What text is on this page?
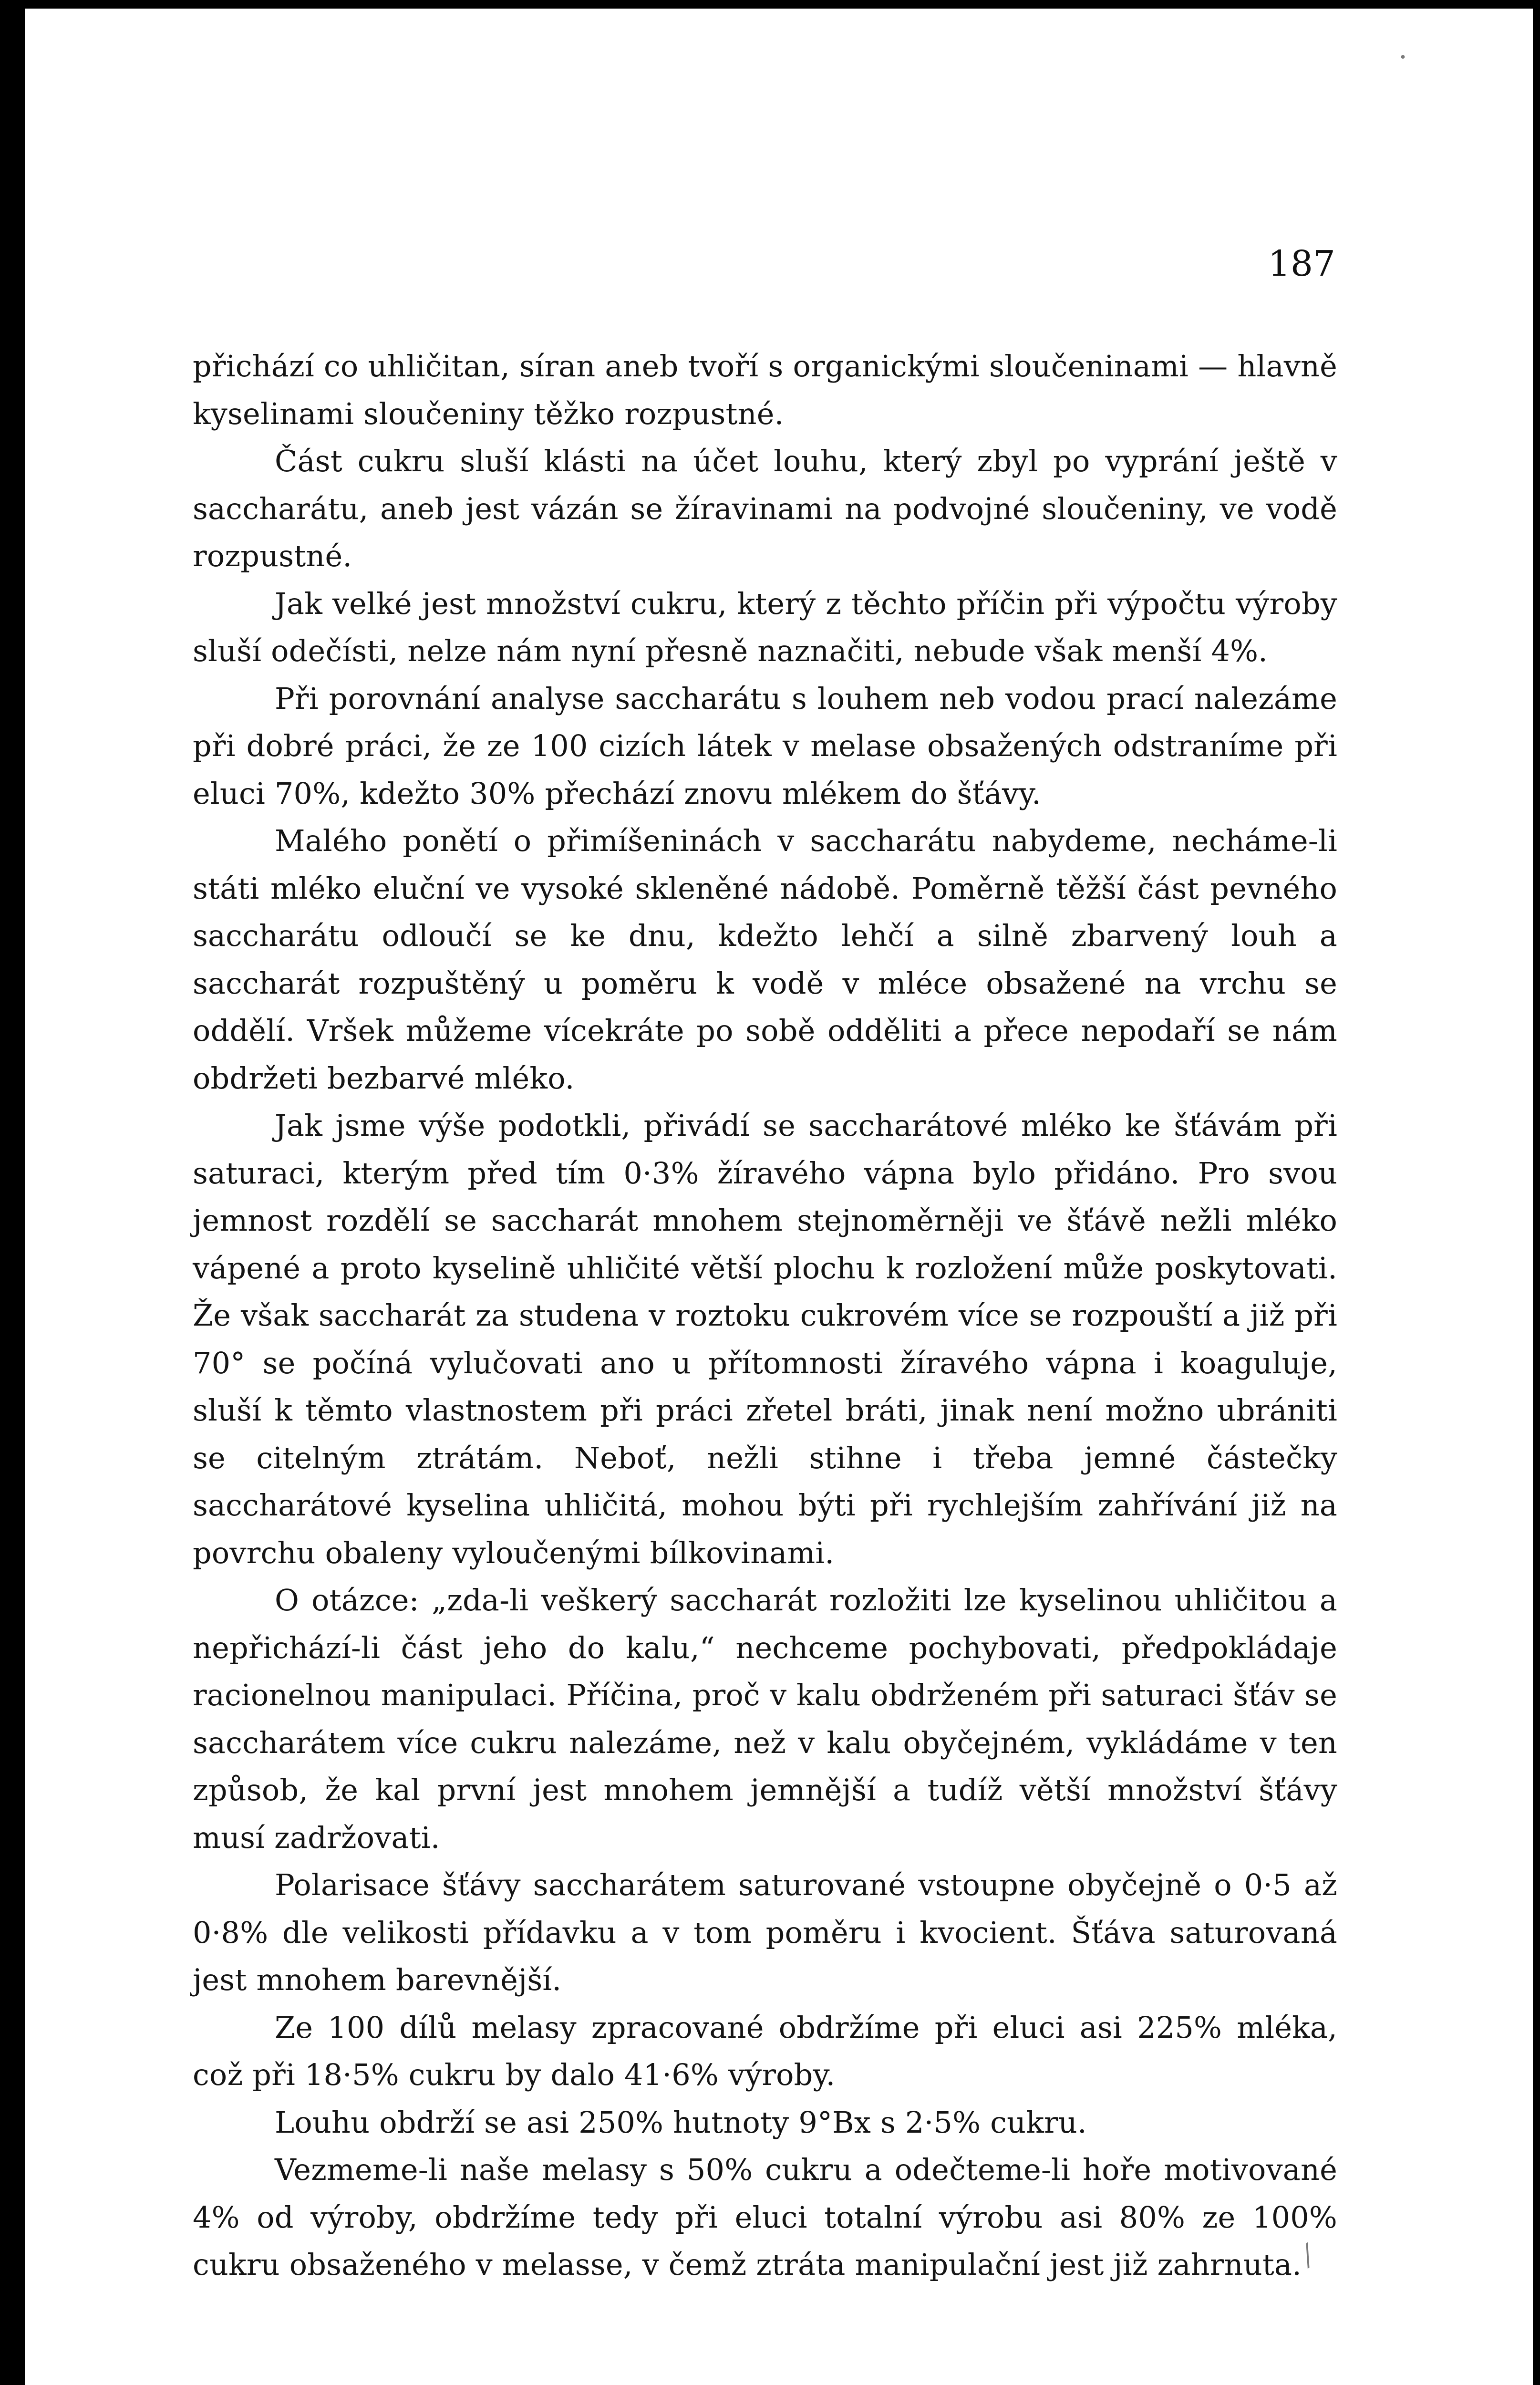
187

přichází co uhličitan, síran aneb tvoří s organickými sloučeninami — hlavně kyselinami sloučeniny těžko rozpustné.

Část cukru sluší klásti na účet louhu, který zbyl po vyprání ještě v saccharátu, aneb jest vázán se žíravinami na podvojné sloučeniny, ve vodě rozpustné.

Jak velké jest množství cukru, který z těchto příčin při výpočtu výroby sluší odečísti, nelze nám nyní přesně naznačiti, nebude však menší 4%.

Při porovnání analyse saccharátu s louhem neb vodou prací nalezáme při dobré práci, že ze 100 cizích látek v melase obsažených odstraníme při eluci 70%, kdežto 30% přechází znovu mlékem do šťávy.

Malého ponětí o přimíšeninách v saccharátu nabydeme, necháme-li státi mléko eluční ve vysoké skleněné nádobě. Poměrně těžší část pevného saccharátu odloučí se ke dnu, kdežto lehčí a silně zbarvený louh a saccharát rozpuštěný u poměru k vodě v mléce obsažené na vrchu se oddělí. Vršek můžeme vícekráte po sobě odděliti a přece nepodaří se nám obdržeti bezbarvé mléko.

Jak jsme výše podotkli, přivádí se saccharátové mléko ke šťávám při saturaci, kterým před tím 0·3% žíravého vápna bylo přidáno. Pro svou jemnost rozdělí se saccharát mnohem stejnoměrněji ve šťávě nežli mléko vápené a proto kyselině uhličité větší plochu k rozložení může poskytovati. Že však saccharát za studena v roztoku cukrovém více se rozpouští a již při 70° se počíná vylučovati ano u přítomnosti žíravého vápna i koaguluje, sluší k těmto vlastnostem při práci zřetel bráti, jinak není možno ubrániti se citelným ztrátám. Neboť, nežli stihne i třeba jemné částečky saccharátové kyselina uhličitá, mohou býti při rychlejším zahřívání již na povrchu obaleny vyloučenými bílkovinami.

O otázce: „zda-li veškerý saccharát rozložiti lze kyselinou uhličitou a nepřichází-li část jeho do kalu,“ nechceme pochybovati, předpokládaje racionelnou manipulaci. Příčina, proč v kalu obdrženém při saturaci šťáv se saccharátem více cukru nalezáme, než v kalu obyčejném, vykládáme v ten způsob, že kal první jest mnohem jemnější a tudíž větší množství šťávy musí zadržovati.

Polarisace šťávy saccharátem saturované vstoupne obyčejně o 0·5 až 0·8% dle velikosti přídavku a v tom poměru i kvocient. Šťáva saturovaná jest mnohem barevnější.

Ze 100 dílů melasy zpracované obdržíme při eluci asi 225% mléka, což při 18·5% cukru by dalo 41·6% výroby.

Louhu obdrží se asi 250% hutnoty 9°Bx s 2·5% cukru.

Vezmeme-li naše melasy s 50% cukru a odečteme-li hoře motivované 4% od výroby, obdržíme tedy při eluci totalní výrobu asi 80% ze 100% cukru obsaženého v melasse, v čemž ztráta manipulační jest již zahrnuta.

·
⁄
